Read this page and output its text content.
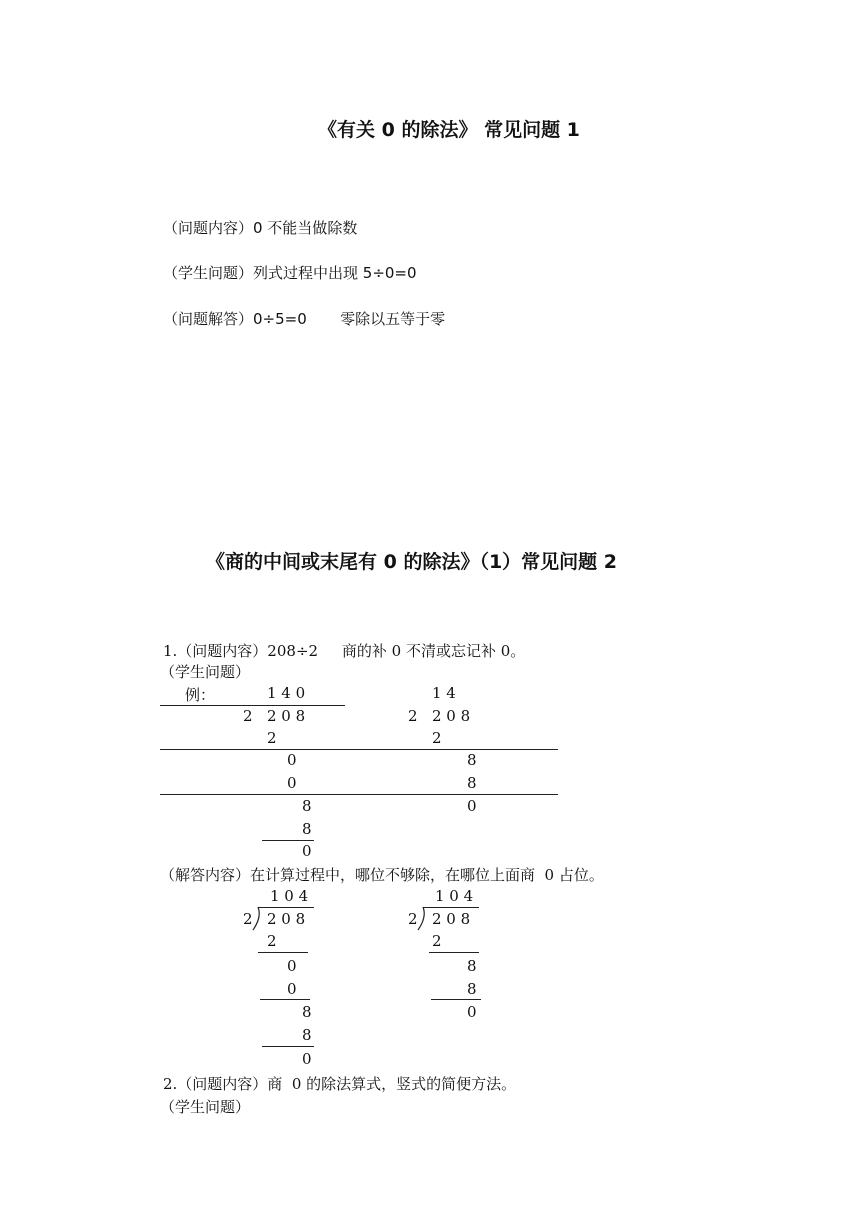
《有关 0 的除法》 常见问题 1
（问题内容）0 不能当做除数
（学生问题）列式过程中出现 5÷0=0
（问题解答）0÷5=0       零除以五等于零
《商的中间或末尾有 0 的除法》（1）常见问题 2
1.（问题内容）208÷2     商的补 0 不清或忘记补 0。
（学生问题）
例：	1 4 0
2 2 0 8
2
0
0
8
8
0
1 4
2 2 0 8
2
8
8
0
（解答内容）在计算过程中，哪位不够除，在哪位上面商  0 占位。
1 0 4
2 2 0 8
2
0
0
8
8
0
1 0 4
2 2 0 8
2
8
8
0
2.（问题内容）商  0 的除法算式，竖式的简便方法。
（学生问题）
